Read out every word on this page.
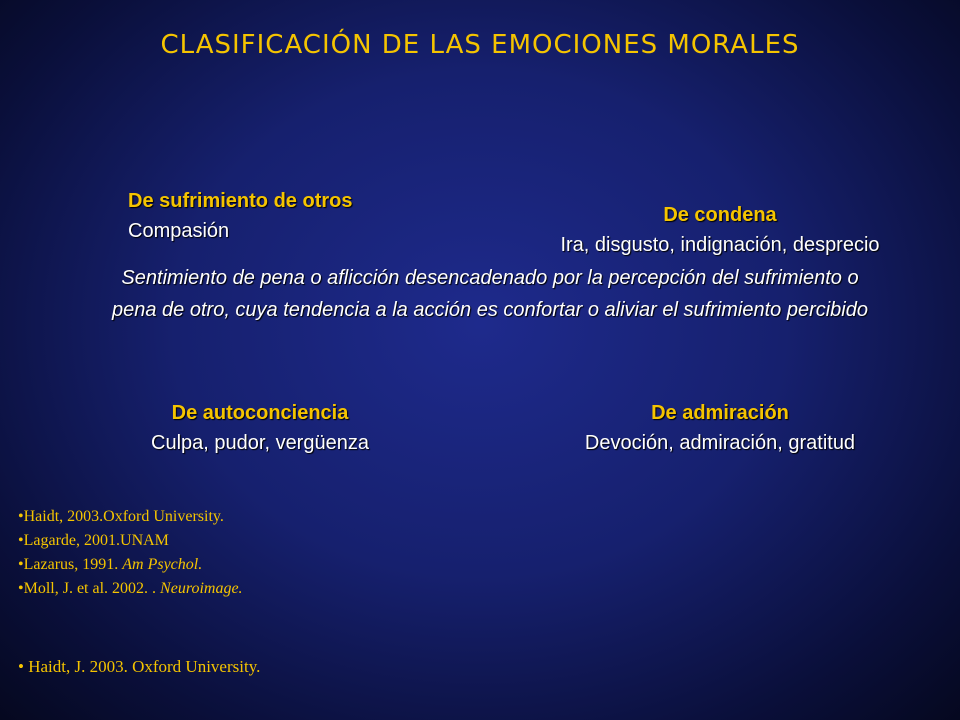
CLASIFICACIÓN DE LAS EMOCIONES MORALES
De sufrimiento de otros
Compasión
De condena
Ira, disgusto, indignación, desprecio
Sentimiento de pena o aflicción desencadenado por la percepción del sufrimiento o
pena de otro, cuya tendencia a la acción es confortar o aliviar el sufrimiento percibido
De autoconciencia
Culpa, pudor, vergüenza
De admiración
Devoción, admiración, gratitud
• Haidt, 2003.Oxford University.
• Lagarde, 2001.UNAM
• Lazarus, 1991. Am Psychol.
• Moll, J. et al. 2002. . Neuroimage.
• Haidt, J. 2003. Oxford University.
